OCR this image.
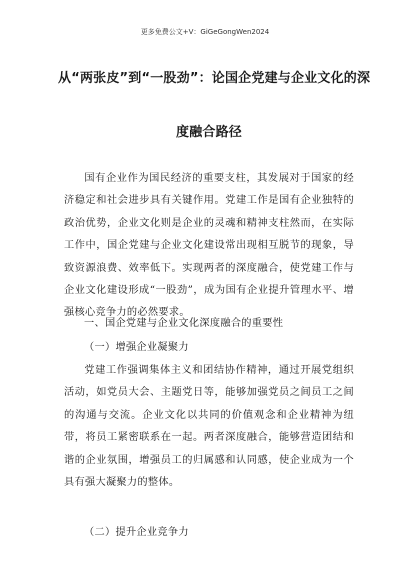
更多免费公文+V：GiGeGongWen2024
从“两张皮”到“一股劲”：论国企党建与企业文化的深
度融合路径

国有企业作为国民经济的重要支柱，其发展对于国家的经济稳定和社会进步具有关键作用。党建工作是国有企业独特的政治优势，企业文化则是企业的灵魂和精神支柱然而，在实际工作中，国企党建与企业文化建设常出现相互脱节的现象，导致资源浪费、效率低下。实现两者的深度融合，使党建工作与企业文化建设形成“一股劲”，成为国有企业提升管理水平、增强核心竞争力的必然要求。

一、国企党建与企业文化深度融合的重要性

（一）增强企业凝聚力

党建工作强调集体主义和团结协作精神，通过开展党组织活动，如党员大会、主题党日等，能够加强党员之间员工之间的沟通与交流。企业文化以共同的价值观念和企业精神为纽带，将员工紧密联系在一起。两者深度融合，能够营造团结和谐的企业氛围，增强员工的归属感和认同感，使企业成为一个具有强大凝聚力的整体。

（二）提升企业竞争力
